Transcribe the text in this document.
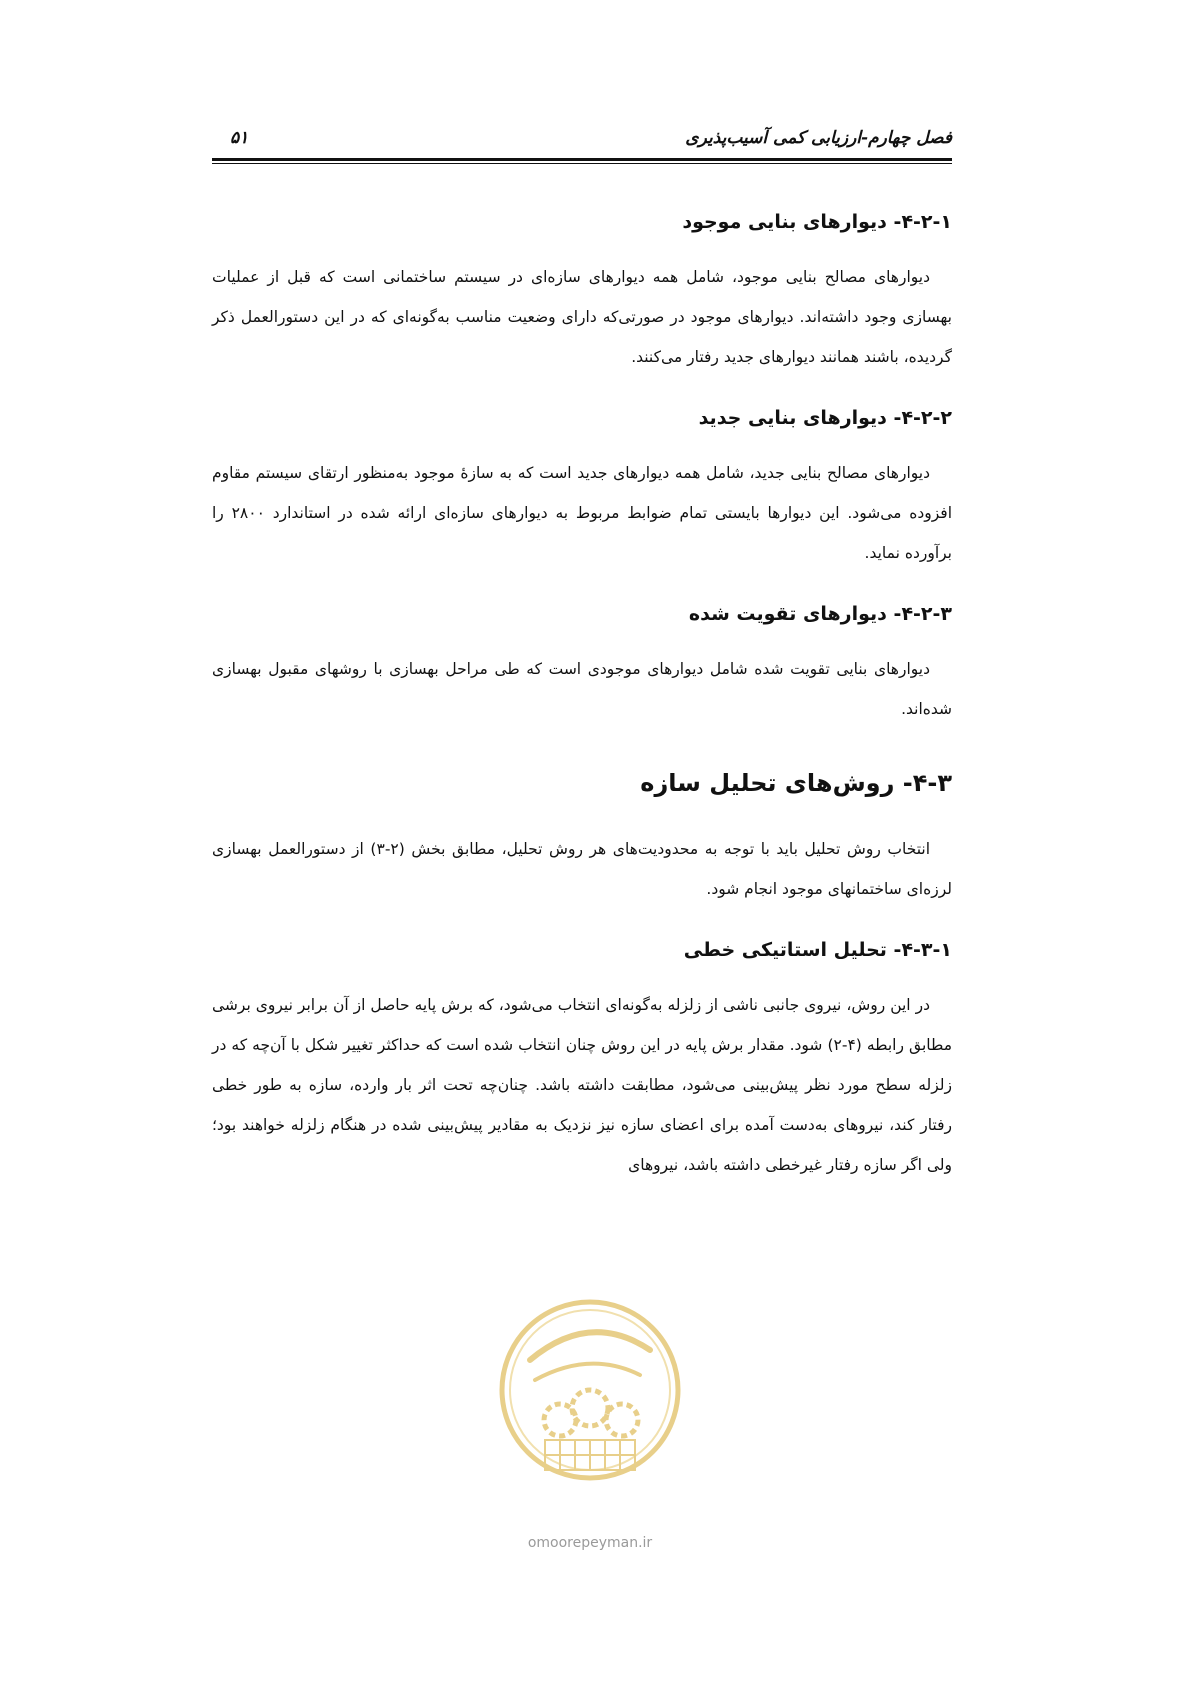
فصل چهارم-ارزیابی کمی آسیب‌پذیری
۵۱
۴-۲-۱- دیوارهای بنایی موجود

دیوارهای مصالح بنایی موجود، شامل همه دیوارهای سازه‌ای در سیستم ساختمانی است که قبل از عملیات بهسازی وجود داشته‌اند. دیوارهای موجود در صورتی‌که دارای وضعیت مناسب به‌گونه‌ای که در این دستورالعمل ذکر گردیده، باشند همانند دیوارهای جدید رفتار می‌کنند.

۴-۲-۲- دیوارهای بنایی جدید

دیوارهای مصالح بنایی جدید، شامل همه دیوارهای جدید است که به سازهٔ موجود به‌منظور ارتقای سیستم مقاوم افزوده می‌شود. این دیوارها بایستی تمام ضوابط مربوط به دیوارهای سازه‌ای ارائه شده در استاندارد ۲۸۰۰ را برآورده نماید.

۴-۲-۳- دیوارهای تقویت شده

دیوارهای بنایی تقویت شده شامل دیوارهای موجودی است که طی مراحل بهسازی با روشهای مقبول بهسازی شده‌اند.

۴-۳- روش‌های تحلیل سازه

انتخاب روش تحلیل باید با توجه به محدودیت‌های هر روش تحلیل، مطابق بخش (۲-۳) از دستورالعمل بهسازی لرزه‌ای ساختمانهای موجود انجام شود.

۴-۳-۱- تحلیل استاتیکی خطی

در این روش، نیروی جانبی ناشی از زلزله به‌گونه‌ای انتخاب می‌شود، که برش پایه حاصل از آن برابر نیروی برشی مطابق رابطه (۴-۲) شود. مقدار برش پایه در این روش چنان انتخاب شده است که حداکثر تغییر شکل با آن‌چه که در زلزله سطح مورد نظر پیش‌بینی می‌شود، مطابقت داشته باشد. چنان‌چه تحت اثر بار وارده، سازه به طور خطی رفتار کند، نیروهای به‌دست آمده برای اعضای سازه نیز نزدیک به مقادیر پیش‌بینی شده در هنگام زلزله خواهند بود؛ ولی اگر سازه رفتار غیرخطی داشته باشد، نیروهای

omoorepeyman.ir
